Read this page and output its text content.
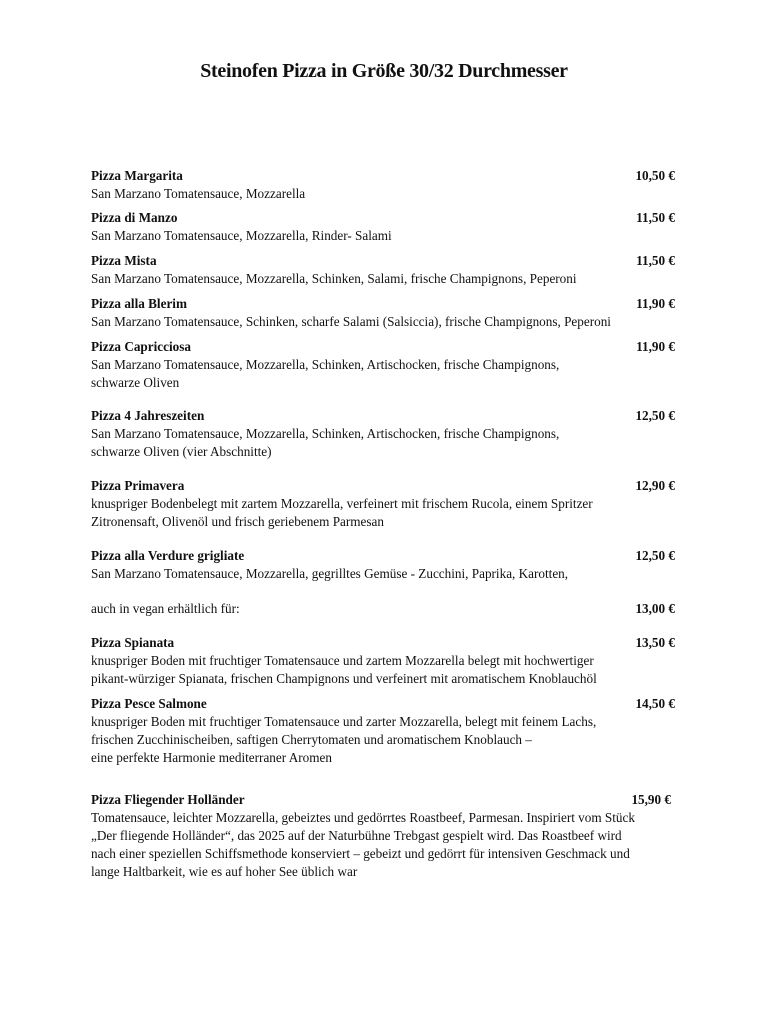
Steinofen Pizza in Größe 30/32 Durchmesser
Pizza Margarita	10,50 €
San Marzano Tomatensauce, Mozzarella
Pizza di Manzo	11,50 €
San Marzano Tomatensauce, Mozzarella, Rinder- Salami
Pizza Mista	11,50 €
San Marzano Tomatensauce, Mozzarella, Schinken, Salami, frische Champignons, Peperoni
Pizza alla Blerim	11,90 €
San Marzano Tomatensauce, Schinken, scharfe Salami (Salsiccia), frische Champignons, Peperoni
Pizza Capricciosa	11,90 €
San Marzano Tomatensauce, Mozzarella, Schinken, Artischocken, frische Champignons,
schwarze Oliven
Pizza 4 Jahreszeiten	12,50 €
San Marzano Tomatensauce, Mozzarella, Schinken, Artischocken, frische Champignons,
schwarze Oliven (vier Abschnitte)
Pizza Primavera	12,90 €
knuspriger Bodenbelegt mit zartem Mozzarella, verfeinert mit frischem Rucola, einem Spritzer
Zitronensaft, Olivenöl und frisch geriebenem Parmesan
Pizza alla Verdure grigliate	12,50 €
San Marzano Tomatensauce, Mozzarella, gegrilltes Gemüse - Zucchini, Paprika, Karotten,
auch in vegan erhältlich für:	13,00 €
Pizza Spianata	13,50 €
knuspriger Boden mit fruchtiger Tomatensauce und zartem Mozzarella belegt mit hochwertiger
pikant-würziger Spianata, frischen Champignons und verfeinert mit aromatischem Knoblauchöl
Pizza Pesce Salmone	14,50 €
knuspriger Boden mit fruchtiger Tomatensauce und zarter Mozzarella, belegt mit feinem Lachs,
frischen Zucchinischeiben, saftigen Cherrytomaten und aromatischem Knoblauch –
eine perfekte Harmonie mediterraner Aromen
Pizza Fliegender Holländer	15,90 €
Tomatensauce, leichter Mozzarella, gebeiztes und gedörrtes Roastbeef, Parmesan. Inspiriert vom Stück
„Der fliegende Holländer“, das 2025 auf der Naturbühne Trebgast gespielt wird. Das Roastbeef wird
nach einer speziellen Schiffsmethode konserviert – gebeizt und gedörrt für intensiven Geschmack und
lange Haltbarkeit, wie es auf hoher See üblich war
